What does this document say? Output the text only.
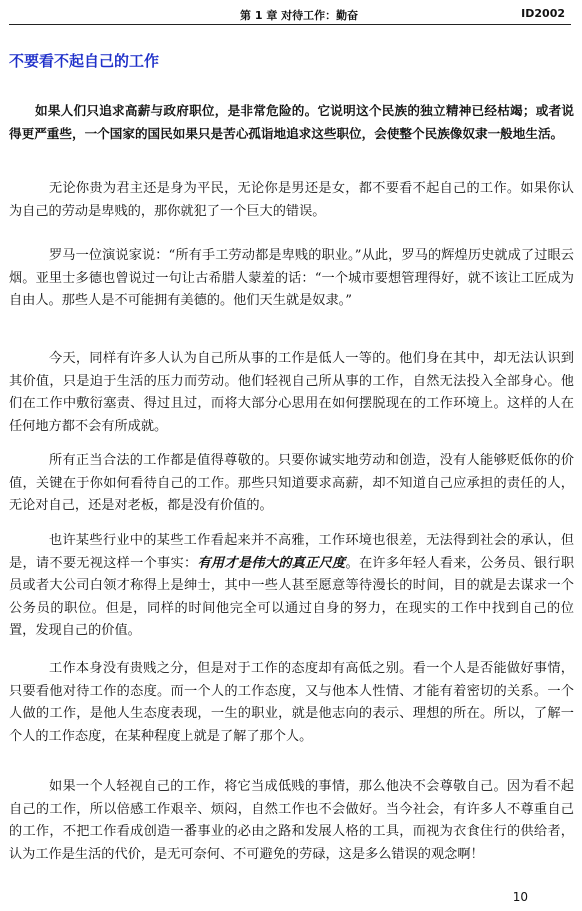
第 1 章 对待工作：勤奋	ID2002
不要看不起自己的工作

如果人们只追求高薪与政府职位，是非常危险的。它说明这个民族的独立精神已经枯竭；或者说得更严重些，一个国家的国民如果只是苦心孤诣地追求这些职位，会使整个民族像奴隶一般地生活。

无论你贵为君主还是身为平民，无论你是男还是女，都不要看不起自己的工作。如果你认为自己的劳动是卑贱的，那你就犯了一个巨大的错误。

罗马一位演说家说：“所有手工劳动都是卑贱的职业。”从此，罗马的辉煌历史就成了过眼云烟。亚里士多德也曾说过一句让古希腊人蒙羞的话：“一个城市要想管理得好，就不该让工匠成为自由人。那些人是不可能拥有美德的。他们天生就是奴隶。”

今天，同样有许多人认为自己所从事的工作是低人一等的。他们身在其中，却无法认识到其价值，只是迫于生活的压力而劳动。他们轻视自己所从事的工作，自然无法投入全部身心。他们在工作中敷衍塞责、得过且过，而将大部分心思用在如何摆脱现在的工作环境上。这样的人在任何地方都不会有所成就。

所有正当合法的工作都是值得尊敬的。只要你诚实地劳动和创造，没有人能够贬低你的价值，关键在于你如何看待自己的工作。那些只知道要求高薪，却不知道自己应承担的责任的人，无论对自己，还是对老板，都是没有价值的。

也许某些行业中的某些工作看起来并不高雅，工作环境也很差，无法得到社会的承认，但是，请不要无视这样一个事实：有用才是伟大的真正尺度。在许多年轻人看来，公务员、银行职员或者大公司白领才称得上是绅士，其中一些人甚至愿意等待漫长的时间，目的就是去谋求一个公务员的职位。但是，同样的时间他完全可以通过自身的努力，在现实的工作中找到自己的位置，发现自己的价值。

工作本身没有贵贱之分，但是对于工作的态度却有高低之别。看一个人是否能做好事情，只要看他对待工作的态度。而一个人的工作态度，又与他本人性情、才能有着密切的关系。一个人做的工作，是他人生态度表现，一生的职业，就是他志向的表示、理想的所在。所以，了解一个人的工作态度，在某种程度上就是了解了那个人。

如果一个人轻视自己的工作，将它当成低贱的事情，那么他决不会尊敬自己。因为看不起自己的工作，所以倍感工作艰辛、烦闷，自然工作也不会做好。当今社会，有许多人不尊重自己的工作，不把工作看成创造一番事业的必由之路和发展人格的工具，而视为衣食住行的供给者，认为工作是生活的代价，是无可奈何、不可避免的劳碌，这是多么错误的观念啊！

10
